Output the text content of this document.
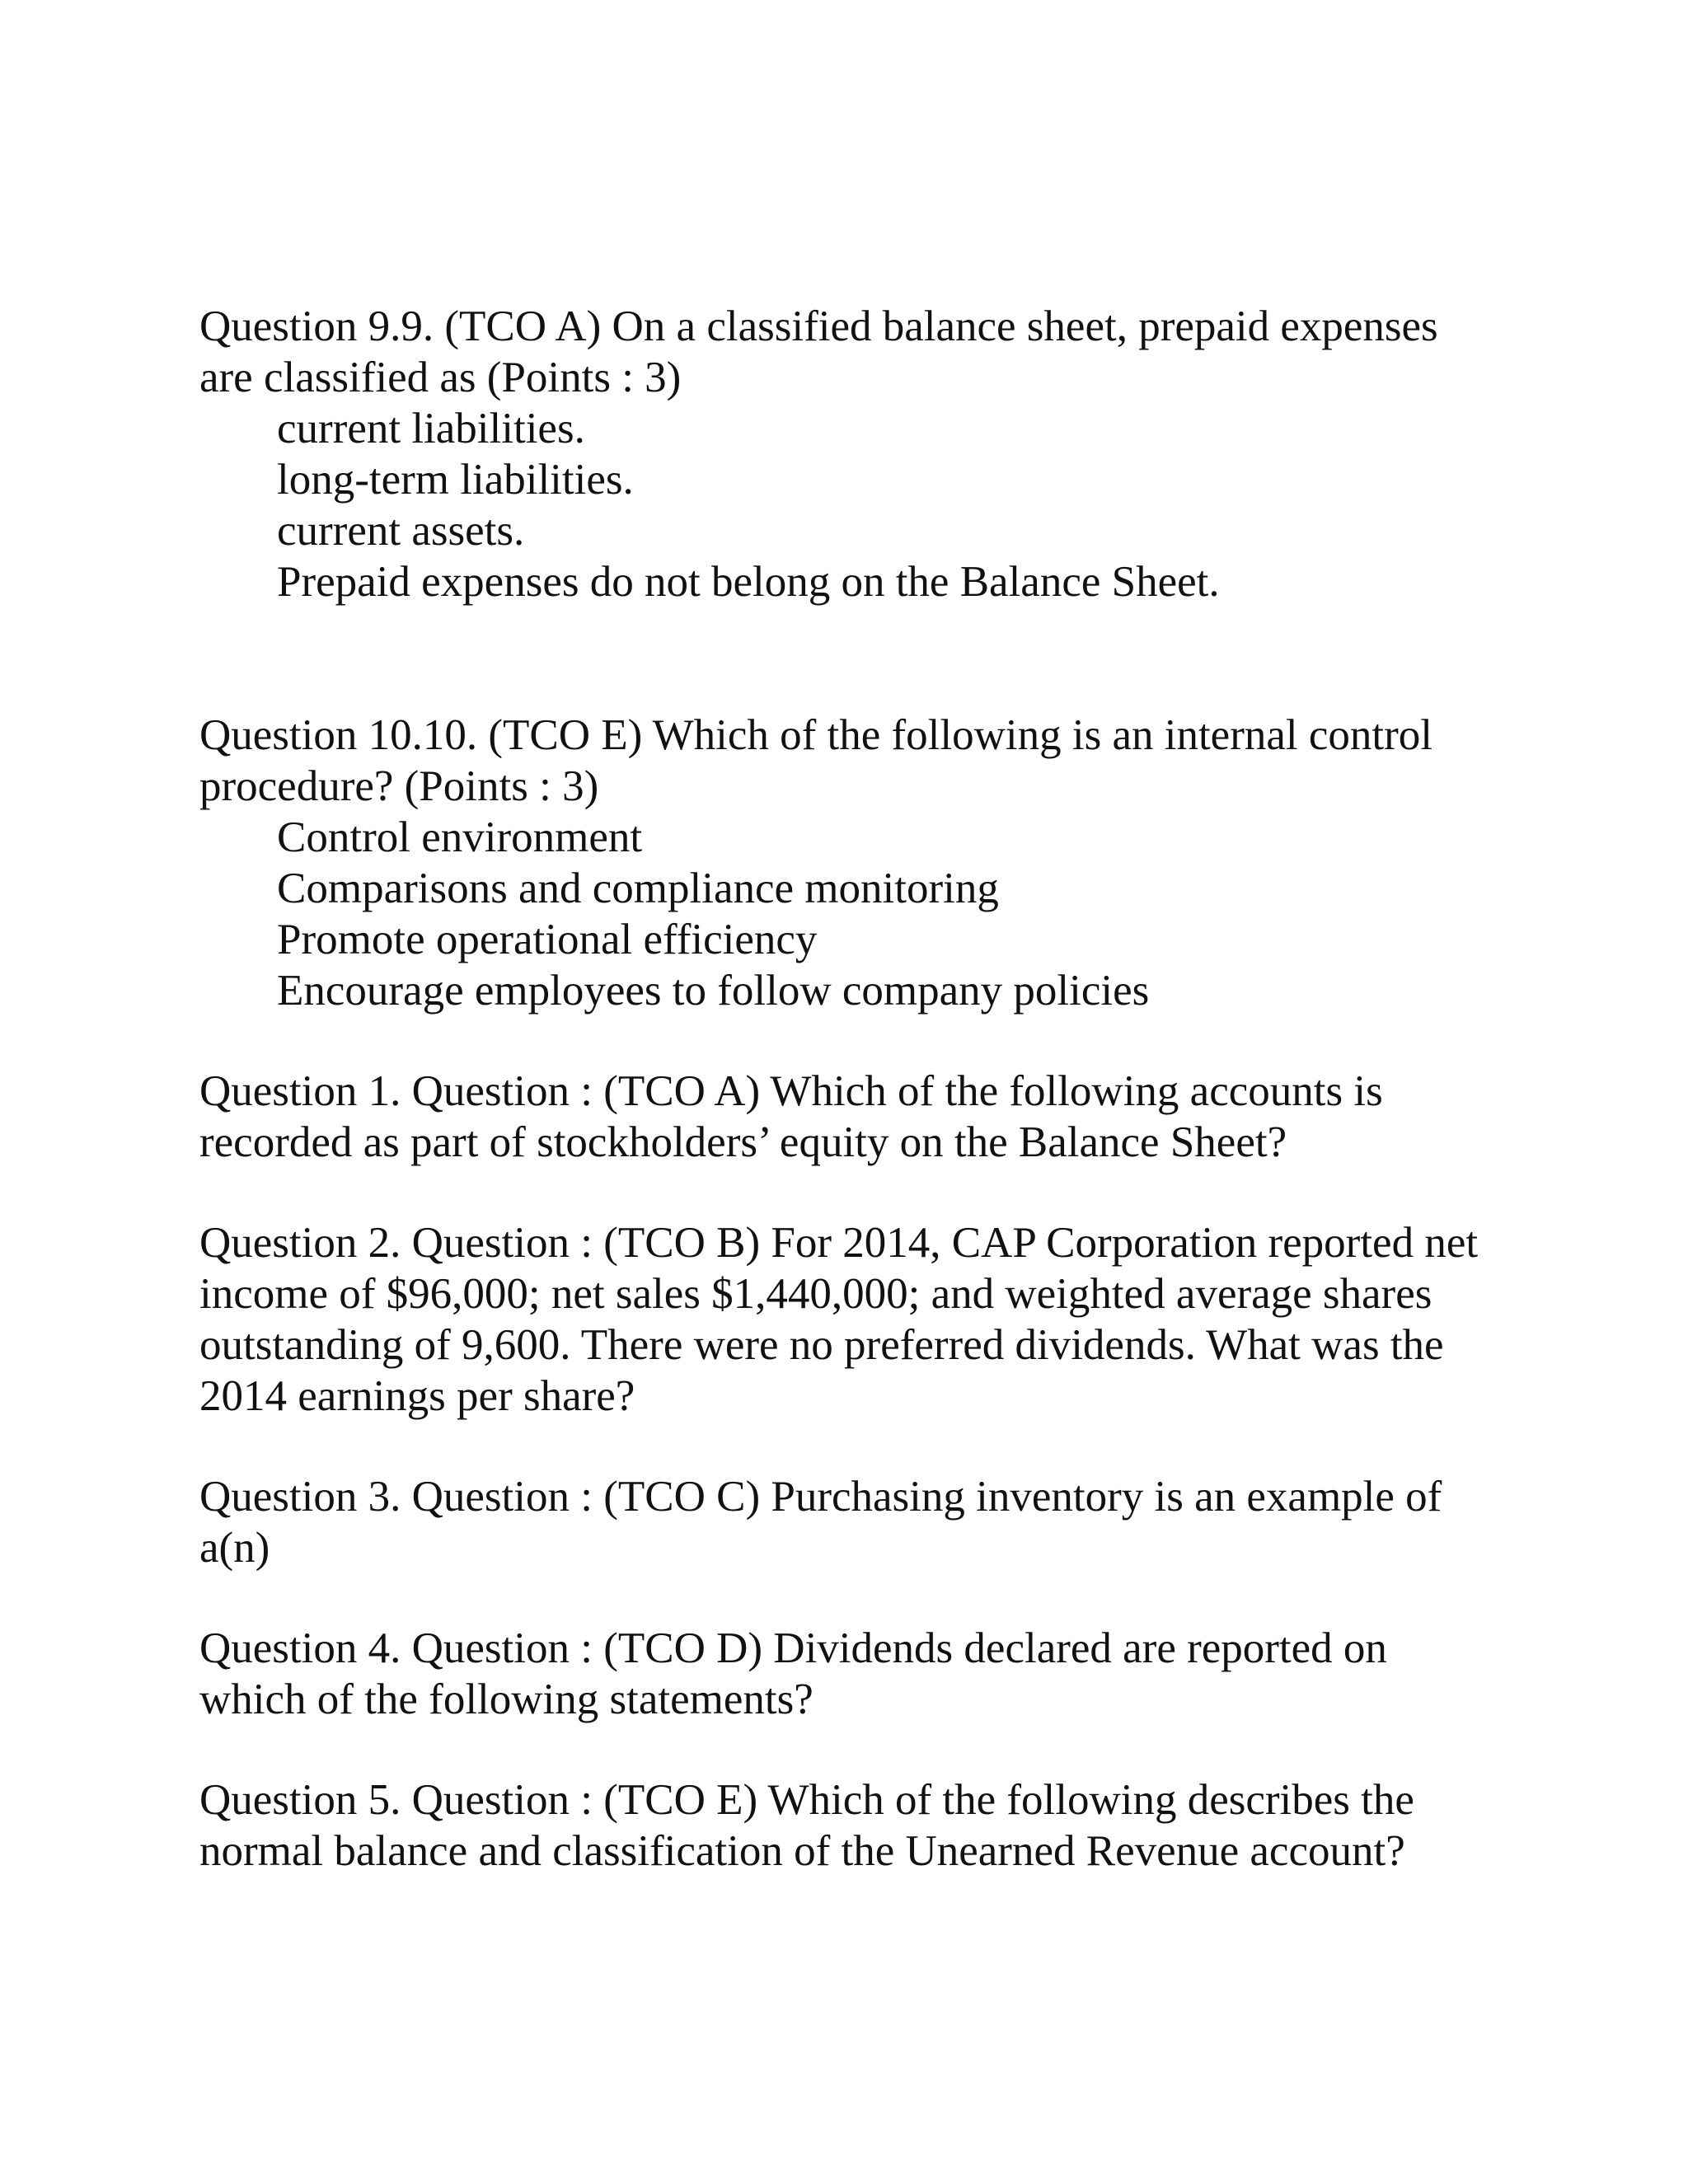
Question 9.9. (TCO A) On a classified balance sheet, prepaid expenses are classified as (Points : 3)

current liabilities.
long-term liabilities.
current assets.
Prepaid expenses do not belong on the Balance Sheet.

Question 10.10. (TCO E) Which of the following is an internal control procedure? (Points : 3)

Control environment
Comparisons and compliance monitoring
Promote operational efficiency
Encourage employees to follow company policies

Question 1. Question : (TCO A) Which of the following accounts is recorded as part of stockholders’ equity on the Balance Sheet?

Question 2. Question : (TCO B) For 2014, CAP Corporation reported net income of $96,000; net sales $1,440,000; and weighted average shares outstanding of 9,600. There were no preferred dividends. What was the 2014 earnings per share?

Question 3. Question : (TCO C) Purchasing inventory is an example of a(n)

Question 4. Question : (TCO D) Dividends declared are reported on which of the following statements?

Question 5. Question : (TCO E) Which of the following describes the normal balance and classification of the Unearned Revenue account?
